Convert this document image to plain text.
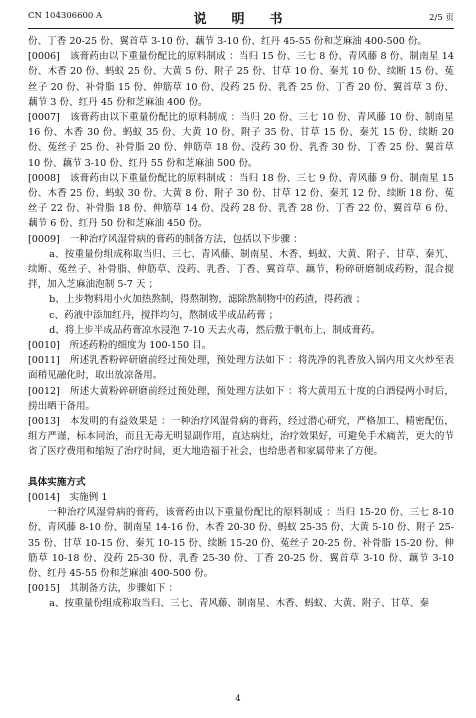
CN 104306600 A	说　明　书	2/5 页

份、丁香 20-25 份、翼首草 3-10 份、藕节 3-10 份、红丹 45-55 份和芝麻油 400-500 份。

[0006]　该膏药由以下重量份配比的原料制成 ：当归 15 份、三七 8 份、青风藤 8 份、制南星 14 份、木香 20 份、蚂蚁 25 份、大黄 5 份、附子 25 份、甘草 10 份、秦艽 10 份、续断 15 份、菟丝子 20 份、补骨脂 15 份、伸筋草 10 份、没药 25 份、乳香 25 份、丁香 20 份、翼首草 3 份、藕节 3 份、红丹 45 份和芝麻油 400 份。

[0007]　该膏药由以下重量份配比的原料制成 ：当归 20 份、三七 10 份、青风藤 10 份、制南星 16 份、木香 30 份、蚂蚁 35 份、大黄 10 份、附子 35 份、甘草 15 份、秦艽 15 份、续断 20 份、菟丝子 25 份、补骨脂 20 份、伸筋草 18 份、没药 30 份、乳香 30 份、丁香 25 份、翼首草 10 份、藕节 3-10 份、红丹 55 份和芝麻油 500 份。

[0008]　该膏药由以下重量份配比的原料制成 ：当归 18 份、三七 9 份、青风藤 9 份、制南星 15 份、木香 25 份、蚂蚁 30 份、大黄 8 份、附子 30 份、甘草 12 份、秦艽 12 份、续断 18 份、菟丝子 22 份、补骨脂 18 份、伸筋草 14 份、没药 28 份、乳香 28 份、丁香 22 份、翼首草 6 份、藕节 6 份、红丹 50 份和芝麻油 450 份。

[0009]　一种治疗风湿骨病的膏药的制备方法，包括以下步骤 ：

a、按重量份组成称取当归、三七、青风藤、制南星、木香、蚂蚁、大黄、附子、甘草、秦艽、续断、菟丝子、补骨脂、伸筋草、没药、乳香、丁香、翼首草、藕节，粉碎研磨制成药粉，混合搅拌，加入芝麻油泡制 5-7 天 ；

b、上步物料用小火加热熬制，得熬制物，滤除熬制物中的药渣，得药液 ；

c、药液中添加红丹，搅拌均匀，熬制成半成品药膏 ；

d、将上步半成品药膏凉水浸泡 7-10 天去火毒，然后敷于帆布上，制成膏药。

[0010]　所述药粉的细度为 100-150 目。

[0011]　所述乳香粉碎研磨前经过预处理，预处理方法如下 ：将洗净的乳香放入锅内用文火炒至表面稍见融化时，取出放凉备用。

[0012]　所述大黄粉碎研磨前经过预处理，预处理方法如下 ：将大黄用五十度的白酒侵两小时后，捞出晒干备用。

[0013]　本发明的有益效果是 ：一种治疗风湿骨病的膏药，经过潜心研究，严格加工、精密配伍，组方严谨，标本同治，而且无毒无明显副作用，直达病灶，治疗效果好，可避免手术痛苦，更大的节省了医疗费用和缩短了治疗时间，更大地造福于社会，也给患者和家属带来了方便。

具体实施方式

[0014]　实施例 1

一种治疗风湿骨病的膏药，该膏药由以下重量份配比的原料制成 ：当归 15-20 份、三七 8-10 份、青风藤 8-10 份、制南星 14-16 份、木香 20-30 份、蚂蚁 25-35 份、大黄 5-10 份、附子 25-35 份、甘草 10-15 份、秦艽 10-15 份、续断 15-20 份、菟丝子 20-25 份、补骨脂 15-20 份、伸筋草 10-18 份、没药 25-30 份、乳香 25-30 份、丁香 20-25 份、翼首草 3-10 份、藕节 3-10 份、红丹 45-55 份和芝麻油 400-500 份。

[0015]　其制备方法，步骤如下 ：

a、按重量份组成称取当归、三七、青风藤、制南星、木香、蚂蚁、大黄、附子、甘草、秦

4
